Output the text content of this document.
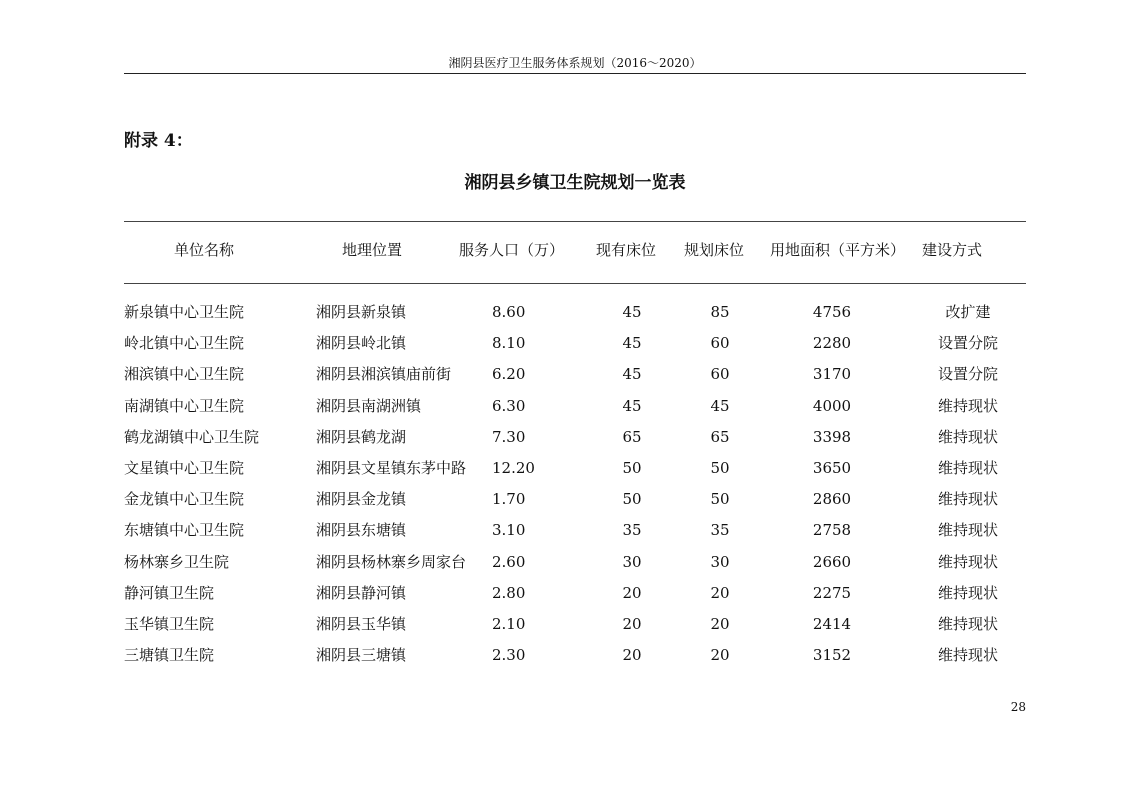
湘阴县医疗卫生服务体系规划（2016～2020）
附录 4：
湘阴县乡镇卫生院规划一览表
单位名称	地理位置	服务人口（万） 现有床位 规划床位 用地面积（平方米） 建设方式
新泉镇中心卫生院	湘阴县新泉镇	8.60	45	85	4756	改扩建
岭北镇中心卫生院	湘阴县岭北镇	8.10	45	60	2280	设置分院
湘滨镇中心卫生院	湘阴县湘滨镇庙前街	6.20	45	60	3170	设置分院
南湖镇中心卫生院	湘阴县南湖洲镇	6.30	45	45	4000	维持现状
鹤龙湖镇中心卫生院	湘阴县鹤龙湖	7.30	65	65	3398	维持现状
文星镇中心卫生院	湘阴县文星镇东茅中路 12.20	50	50	3650	维持现状
金龙镇中心卫生院	湘阴县金龙镇	1.70	50	50	2860	维持现状
东塘镇中心卫生院	湘阴县东塘镇	3.10	35	35	2758	维持现状
杨林寨乡卫生院	湘阴县杨林寨乡周家台 2.60	30	30	2660	维持现状
静河镇卫生院	湘阴县静河镇	2.80	20	20	2275	维持现状
玉华镇卫生院	湘阴县玉华镇	2.10	20	20	2414	维持现状
三塘镇卫生院	湘阴县三塘镇	2.30	20	20	3152	维持现状
28
